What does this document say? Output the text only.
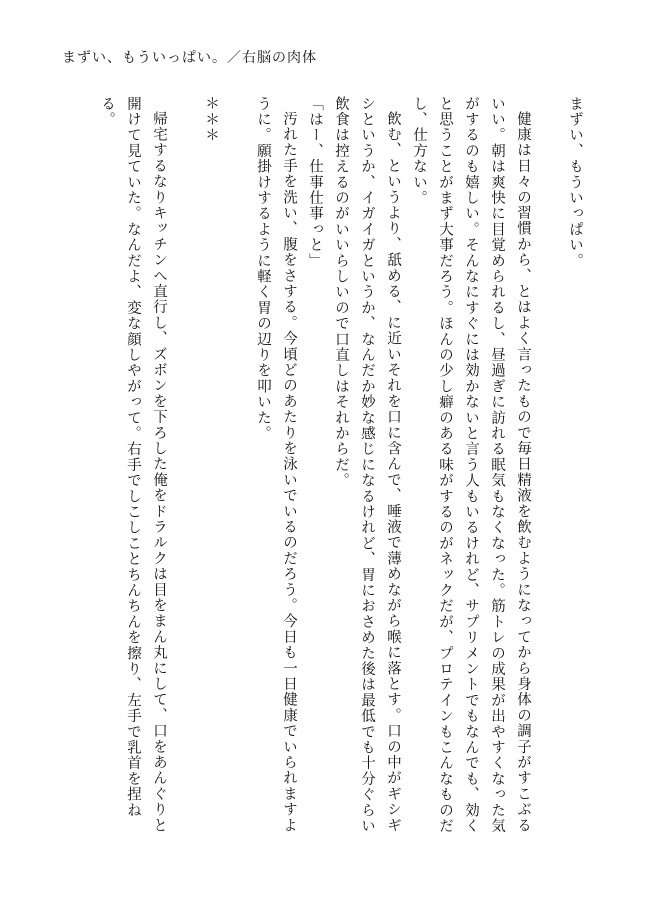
まずい、もういっぱい。／右脳の肉体

まずい、もういっぱい。

健康は日々の習慣から、とはよく言ったもので毎日精液を飲むようになってから身体の調子がすこぶるいい。朝は爽快に目覚められるし、昼過ぎに訪れる眠気もなくなった。筋トレの成果が出やすくなった気がするのも嬉しい。そんなにすぐには効かないと言う人もいるけれど、サプリメントでもなんでも、効くと思うことがまず大事だろう。ほんの少し癖のある味がするのがネックだが、プロテインもこんなものだし、仕方ない。

飲む、というより、舐める、に近いそれを口に含んで、唾液で薄めながら喉に落とす。口の中がギシギシというか、イガイガというか、なんだか妙な感じになるけれど、胃におさめた後は最低でも十分ぐらい飲食は控えるのがいいらしいので口直しはそれからだ。

「はー、仕事仕事っと」

汚れた手を洗い、腹をさする。今頃どのあたりを泳いでいるのだろう。今日も一日健康でいられますように。願掛けするように軽く胃の辺りを叩いた。

＊＊＊

帰宅するなりキッチンへ直行し、ズボンを下ろした俺をドラルクは目をまん丸にして、口をあんぐりと開けて見ていた。なんだよ、変な顔しやがって。右手でしこしことちんちんを擦り、左手で乳首を捏ねる。
